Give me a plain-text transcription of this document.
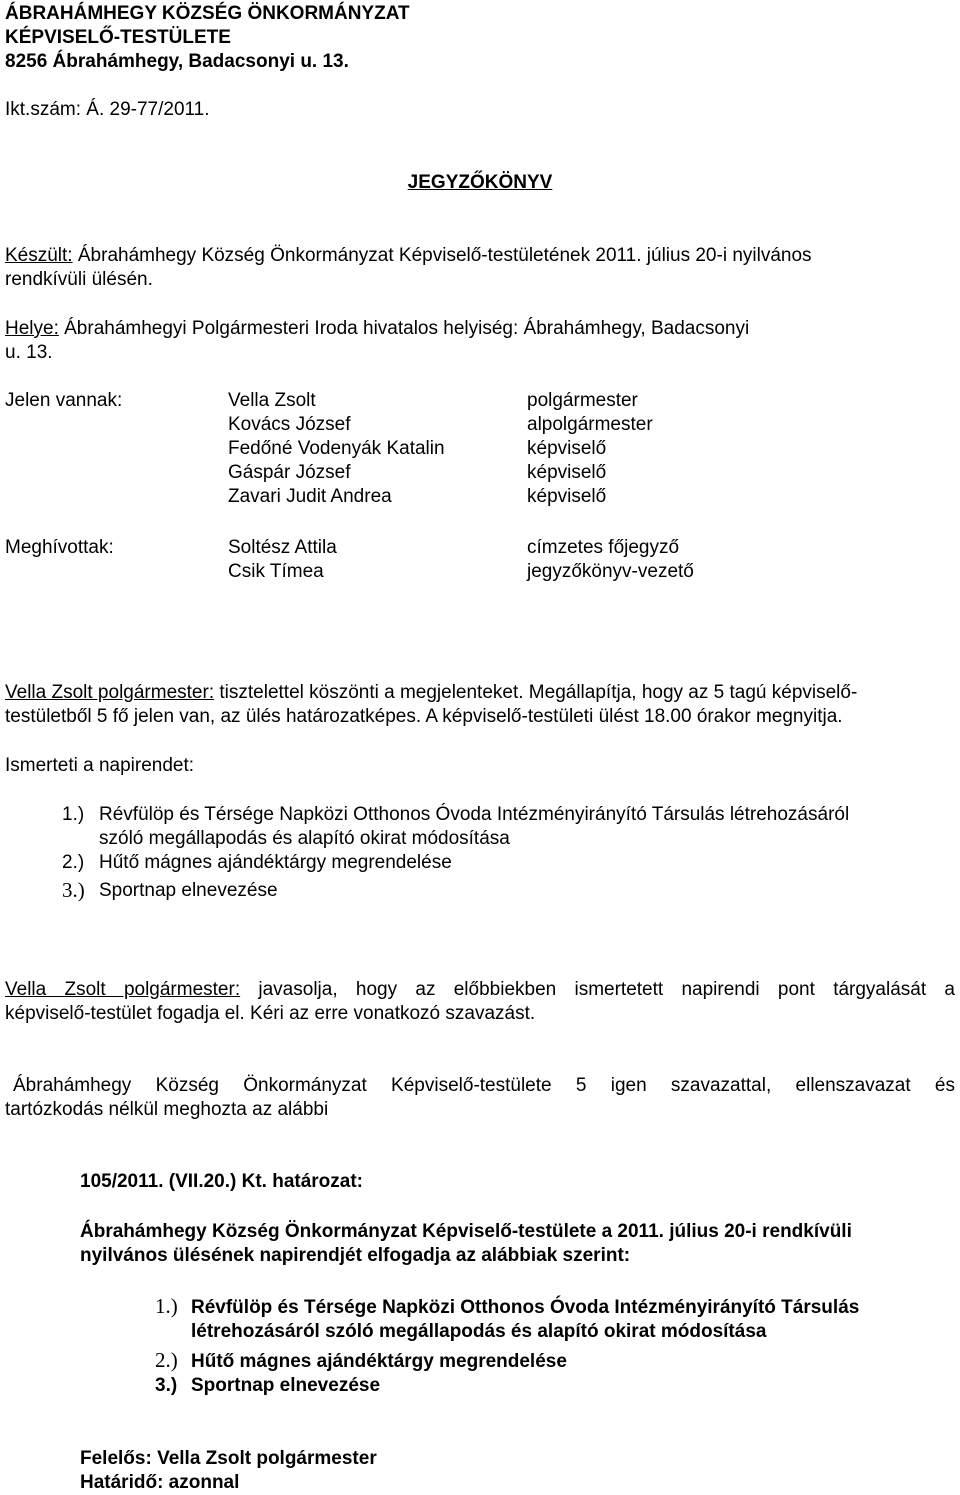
ÁBRAHÁMHEGY KÖZSÉG ÖNKORMÁNYZAT
KÉPVISELŐ-TESTÜLETE
8256 Ábrahámhegy, Badacsonyi u. 13.
Ikt.szám: Á. 29-77/2011.
JEGYZŐKÖNYV
Készült: Ábrahámhegy Község Önkormányzat Képviselő-testületének 2011. július 20-i nyilvános
rendkívüli ülésén.
Helye: Ábrahámhegyi Polgármesteri Iroda hivatalos helyiség: Ábrahámhegy, Badacsonyi
u. 13.
Jelen vannak:	Vella Zsolt
Kovács József
Fedőné Vodenyák Katalin
Gáspár József
Zavari Judit Andrea
polgármester
alpolgármester
képviselő
képviselő
képviselő
Meghívottak:	Soltész Attila
Csik Tímea
címzetes főjegyző
jegyzőkönyv-vezető
Vella Zsolt polgármester: tisztelettel köszönti a megjelenteket. Megállapítja, hogy az 5 tagú képviselő-
testületből 5 fő jelen van, az ülés határozatképes. A képviselő-testületi ülést 18.00 órakor megnyitja.
Ismerteti a napirendet:
1.) Révfülöp és Térsége Napközi Otthonos Óvoda Intézményirányító Társulás létrehozásáról
szóló megállapodás és alapító okirat módosítása
2.) Hűtő mágnes ajándéktárgy megrendelése
3.) Sportnap elnevezése
Vella Zsolt polgármester: javasolja, hogy az előbbiekben ismertetett napirendi pont tárgyalását a
képviselő-testület fogadja el. Kéri az erre vonatkozó szavazást.
Ábrahámhegy Község Önkormányzat Képviselő-testülete 5 igen szavazattal, ellenszavazat és
tartózkodás nélkül meghozta az alábbi
105/2011. (VII.20.) Kt. határozat:
Ábrahámhegy Község Önkormányzat Képviselő-testülete a 2011. július 20-i rendkívüli
nyilvános ülésének napirendjét elfogadja az alábbiak szerint:
1.) Révfülöp és Térsége Napközi Otthonos Óvoda Intézményirányító Társulás
létrehozásáról szóló megállapodás és alapító okirat módosítása
2.) Hűtő mágnes ajándéktárgy megrendelése
3.) Sportnap elnevezése
Felelős: Vella Zsolt polgármester
Határidő: azonnal
